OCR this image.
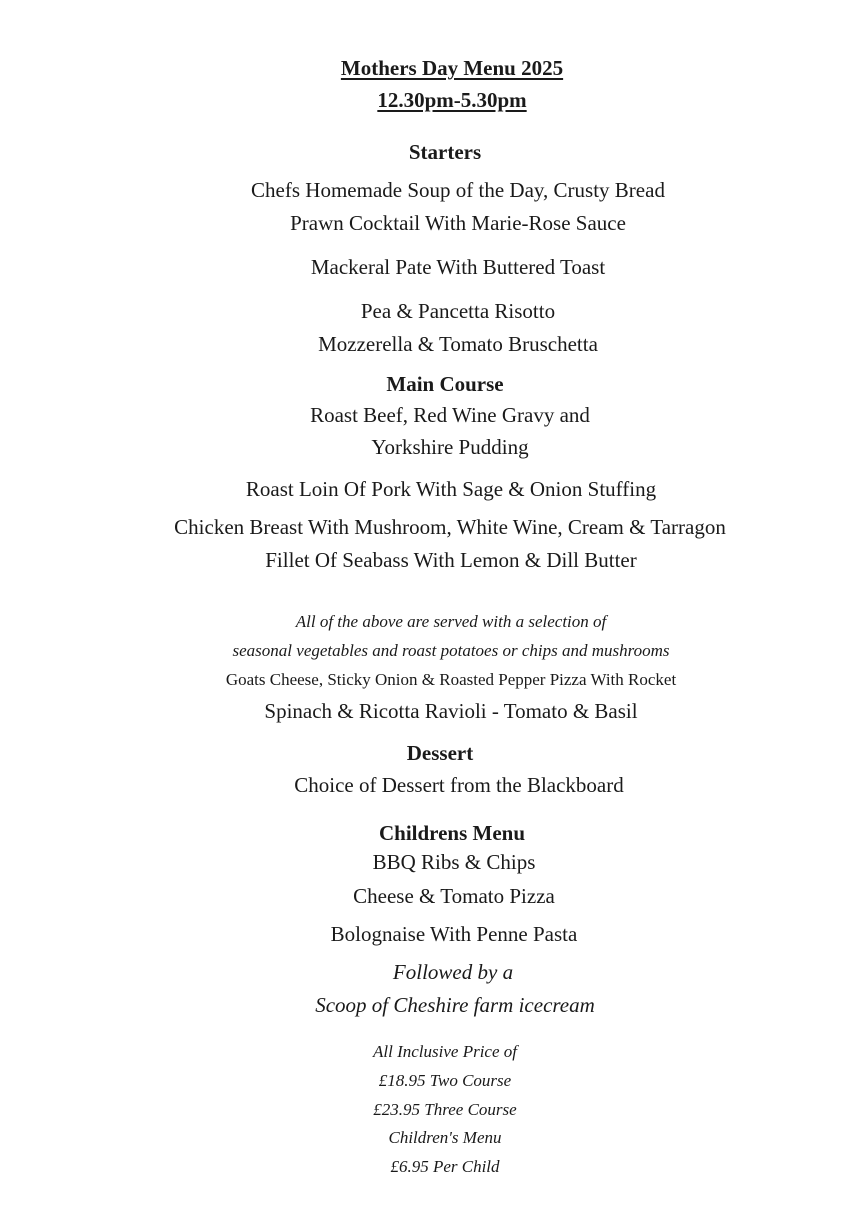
Mothers Day Menu 2025
12.30pm-5.30pm
Starters
Chefs Homemade Soup of the Day, Crusty Bread
Prawn Cocktail With Marie-Rose Sauce
Mackeral Pate With Buttered Toast
Pea & Pancetta Risotto
Mozzerella & Tomato Bruschetta
Main Course
Roast Beef, Red Wine Gravy and
Yorkshire Pudding
Roast Loin Of Pork With Sage & Onion Stuffing
Chicken Breast With Mushroom, White Wine, Cream & Tarragon
Fillet Of Seabass With Lemon & Dill Butter
All of the above are served with a selection of
seasonal vegetables and roast potatoes or chips and mushrooms
Goats Cheese, Sticky Onion & Roasted Pepper Pizza With Rocket
Spinach & Ricotta Ravioli - Tomato & Basil
Dessert
Choice of Dessert from the Blackboard
Childrens Menu
BBQ Ribs & Chips
Cheese & Tomato Pizza
Bolognaise With Penne Pasta
Followed by a
Scoop of Cheshire farm icecream
All Inclusive Price of
£18.95 Two Course
£23.95 Three Course
Children's Menu
£6.95 Per Child
